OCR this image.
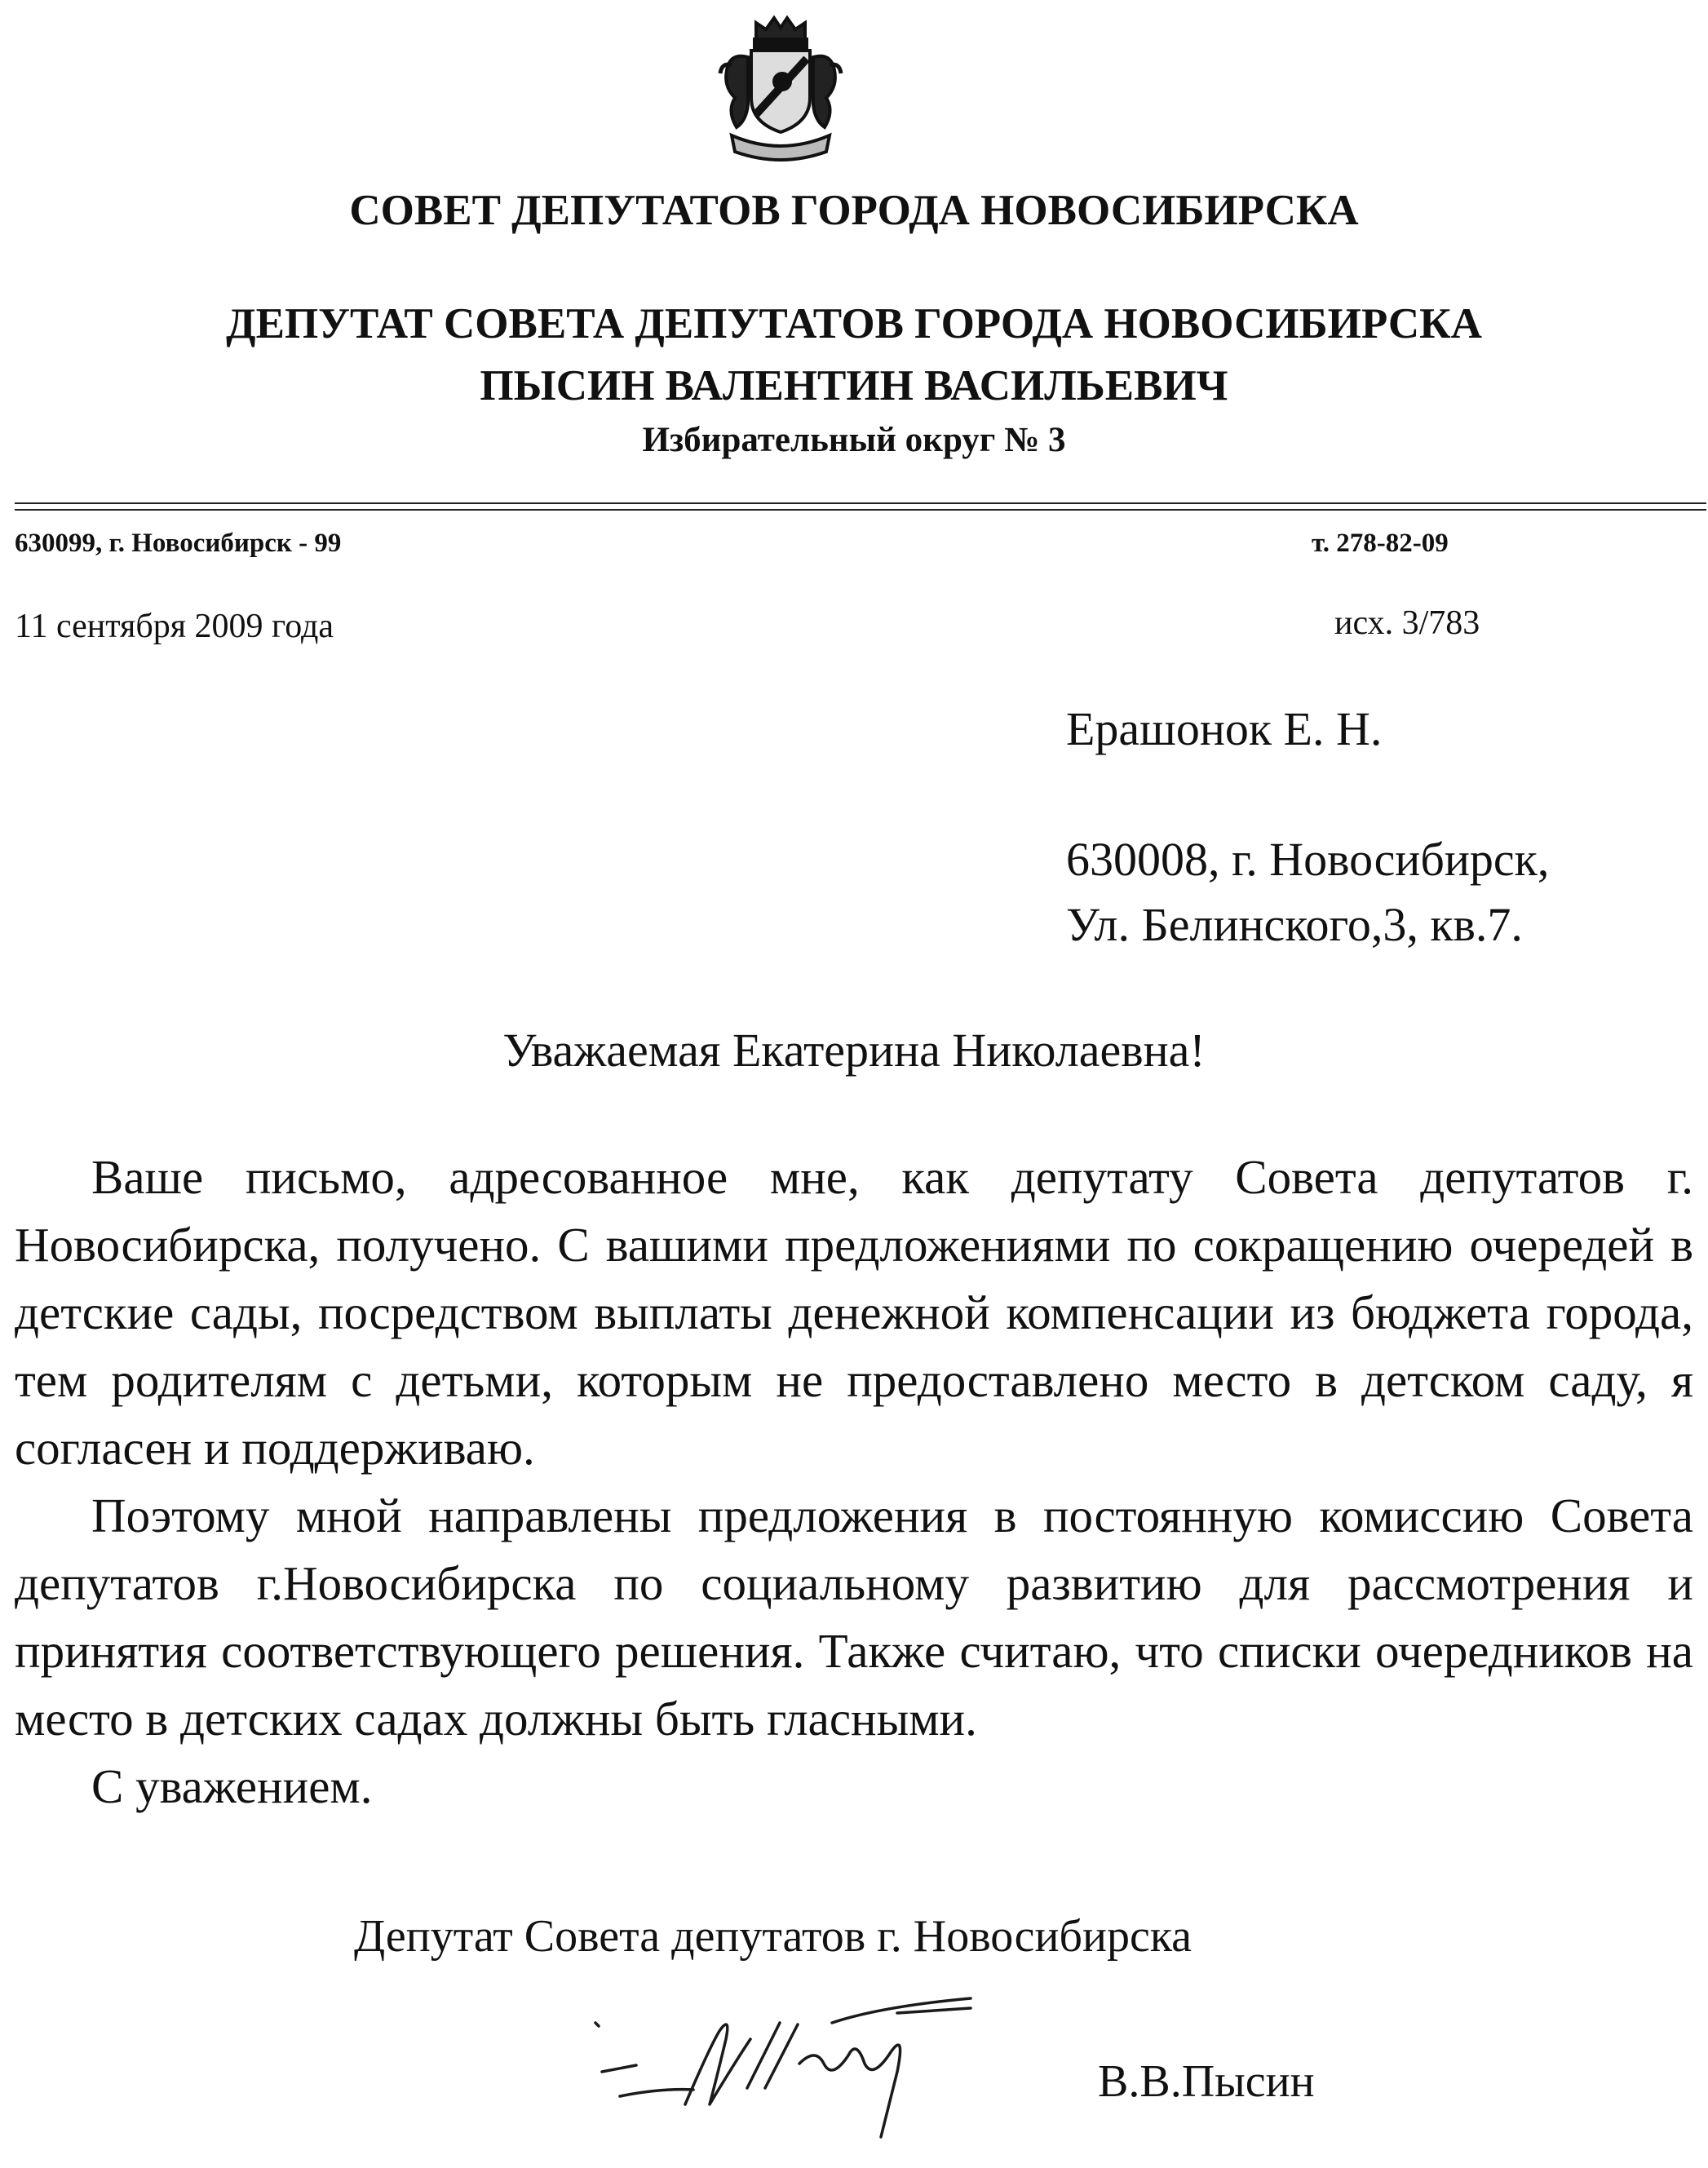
СОВЕТ ДЕПУТАТОВ ГОРОДА НОВОСИБИРСКА
ДЕПУТАТ СОВЕТА ДЕПУТАТОВ ГОРОДА НОВОСИБИРСКА
ПЫСИН ВАЛЕНТИН ВАСИЛЬЕВИЧ
Избирательный округ № 3
630099, г. Новосибирск - 99	т. 278-82-09
11 сентября 2009 года	исх. 3/783
Ерашонок Е. Н.
630008, г. Новосибирск,
Ул. Белинского,3, кв.7.
Уважаемая Екатерина Николаевна!

Ваше письмо, адресованное мне, как депутату Совета депутатов г. Новосибирска, получено. С вашими предложениями по сокращению очередей в детские сады, посредством выплаты денежной компенсации из бюджета города, тем родителям с детьми, которым не предоставлено место в детском саду, я согласен и поддерживаю.

Поэтому мной направлены предложения в постоянную комиссию Совета депутатов г.Новосибирска по социальному развитию для рассмотрения и принятия соответствующего решения. Также считаю, что списки очередников на место в детских садах должны быть гласными.

С уважением.

Депутат Совета депутатов г. Новосибирска
В.В.Пысин
